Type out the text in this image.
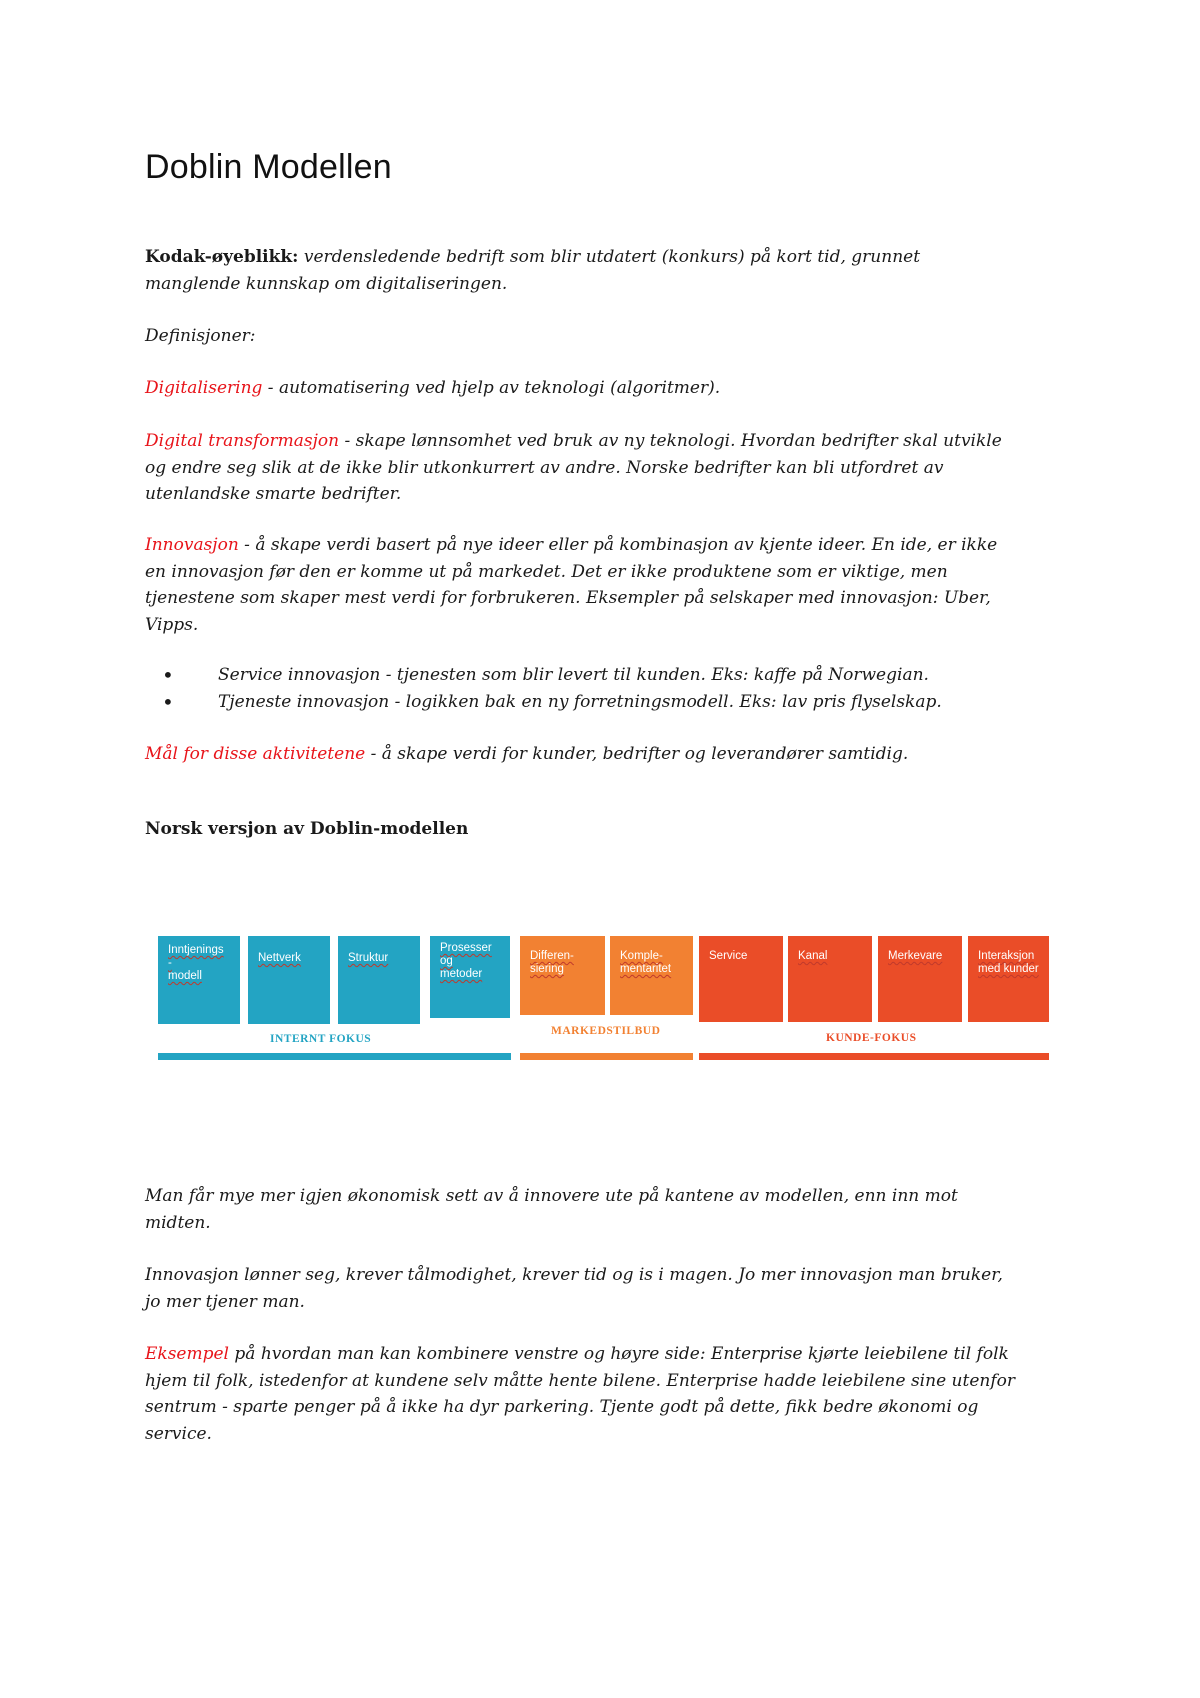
Doblin Modellen
Kodak-øyeblikk: verdensledende bedrift som blir utdatert (konkurs) på kort tid, grunnet
manglende kunnskap om digitaliseringen.
Definisjoner:
Digitalisering - automatisering ved hjelp av teknologi (algoritmer).
Digital transformasjon - skape lønnsomhet ved bruk av ny teknologi. Hvordan bedrifter skal utvikle
og endre seg slik at de ikke blir utkonkurrert av andre. Norske bedrifter kan bli utfordret av
utenlandske smarte bedrifter.
Innovasjon - å skape verdi basert på nye ideer eller på kombinasjon av kjente ideer. En ide, er ikke
en innovasjon før den er komme ut på markedet. Det er ikke produktene som er viktige, men
tjenestene som skaper mest verdi for forbrukeren. Eksempler på selskaper med innovasjon: Uber,
Vipps.
•	Service innovasjon - tjenesten som blir levert til kunden. Eks: kaffe på Norwegian.
•	Tjeneste innovasjon - logikken bak en ny forretningsmodell. Eks: lav pris flyselskap.
Mål for disse aktivitetene - å skape verdi for kunder, bedrifter og leverandører samtidig.
Norsk versjon av Doblin-modellen
Man får mye mer igjen økonomisk sett av å innovere ute på kantene av modellen, enn inn mot
midten.
Innovasjon lønner seg, krever tålmodighet, krever tid og is i magen. Jo mer innovasjon man bruker,
jo mer tjener man.
Eksempel på hvordan man kan kombinere venstre og høyre side: Enterprise kjørte leiebilene til folk
hjem til folk, istedenfor at kundene selv måtte hente bilene. Enterprise hadde leiebilene sine utenfor
sentrum - sparte penger på å ikke ha dyr parkering. Tjente godt på dette, fikk bedre økonomi og
service.
Inntjenings
-
modell
Nettverk	Struktur
Prosesser
og
metoder
Differen-
siering
Komple-
mentaritet
Service	Kanal	Merkevare	Interaksjon
med kunder
INTERNT FOKUS
MARKEDSTILBUD
KUNDE-FOKUS
